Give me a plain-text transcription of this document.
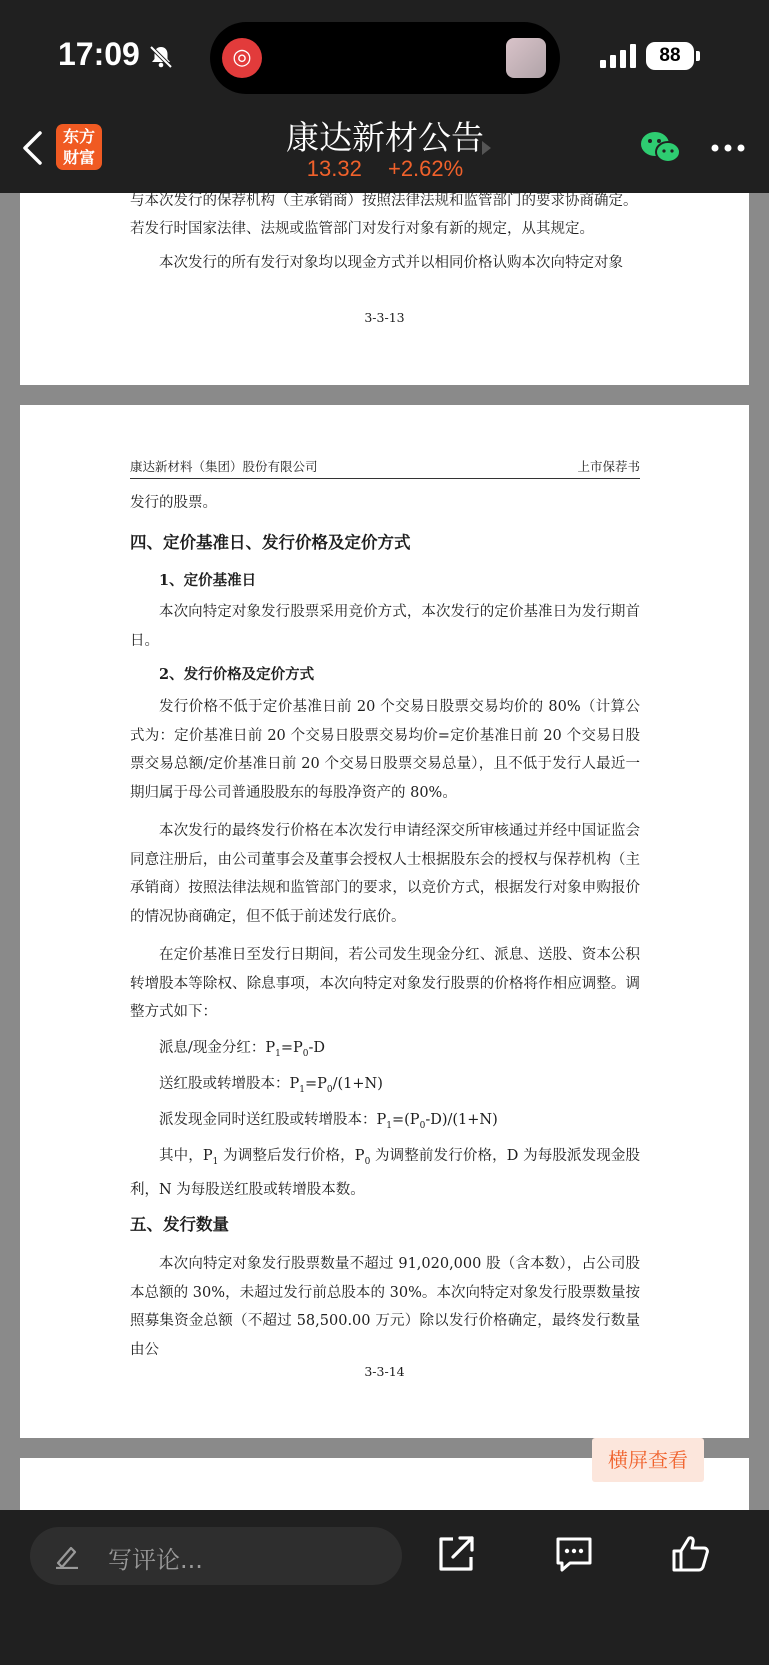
17:09	◎	88
东方
财富
康达新材公告
13.32 +2.62%
与本次发行的保荐机构（主承销商）按照法律法规和监管部门的要求协商确定。
若发行时国家法律、法规或监管部门对发行对象有新的规定，从其规定。
本次发行的所有发行对象均以现金方式并以相同价格认购本次向特定对象
3-3-13
康达新材料（集团）股份有限公司	上市保荐书
发行的股票。
四、定价基准日、发行价格及定价方式
1、定价基准日
本次向特定对象发行股票采用竞价方式，本次发行的定价基准日为发行期首日。
2、发行价格及定价方式
发行价格不低于定价基准日前 20 个交易日股票交易均价的 80%（计算公式为：定价基准日前 20 个交易日股票交易均价=定价基准日前 20 个交易日股票交易总额/定价基准日前 20 个交易日股票交易总量），且不低于发行人最近一期归属于母公司普通股股东的每股净资产的 80%。
本次发行的最终发行价格在本次发行申请经深交所审核通过并经中国证监会同意注册后，由公司董事会及董事会授权人士根据股东会的授权与保荐机构（主承销商）按照法律法规和监管部门的要求，以竞价方式，根据发行对象申购报价的情况协商确定，但不低于前述发行底价。
在定价基准日至发行日期间，若公司发生现金分红、派息、送股、资本公积转增股本等除权、除息事项，本次向特定对象发行股票的价格将作相应调整。调整方式如下：
派息/现金分红：$P_1=P_0-D$
送红股或转增股本：$P_1=P_0/(1+N)$
派发现金同时送红股或转增股本：$P_1=(P_0-D)/(1+N)$
其中，$P_1$ 为调整后发行价格，$P_0$ 为调整前发行价格，D 为每股派发现金股利，N 为每股送红股或转增股本数。
五、发行数量
本次向特定对象发行股票数量不超过 91,020,000 股（含本数），占公司股本总额的 30%，未超过发行前总股本的 30%。本次向特定对象发行股票数量按照募集资金总额（不超过 58,500.00 万元）除以发行价格确定，最终发行数量由公
3-3-14
横屏查看
写评论...
